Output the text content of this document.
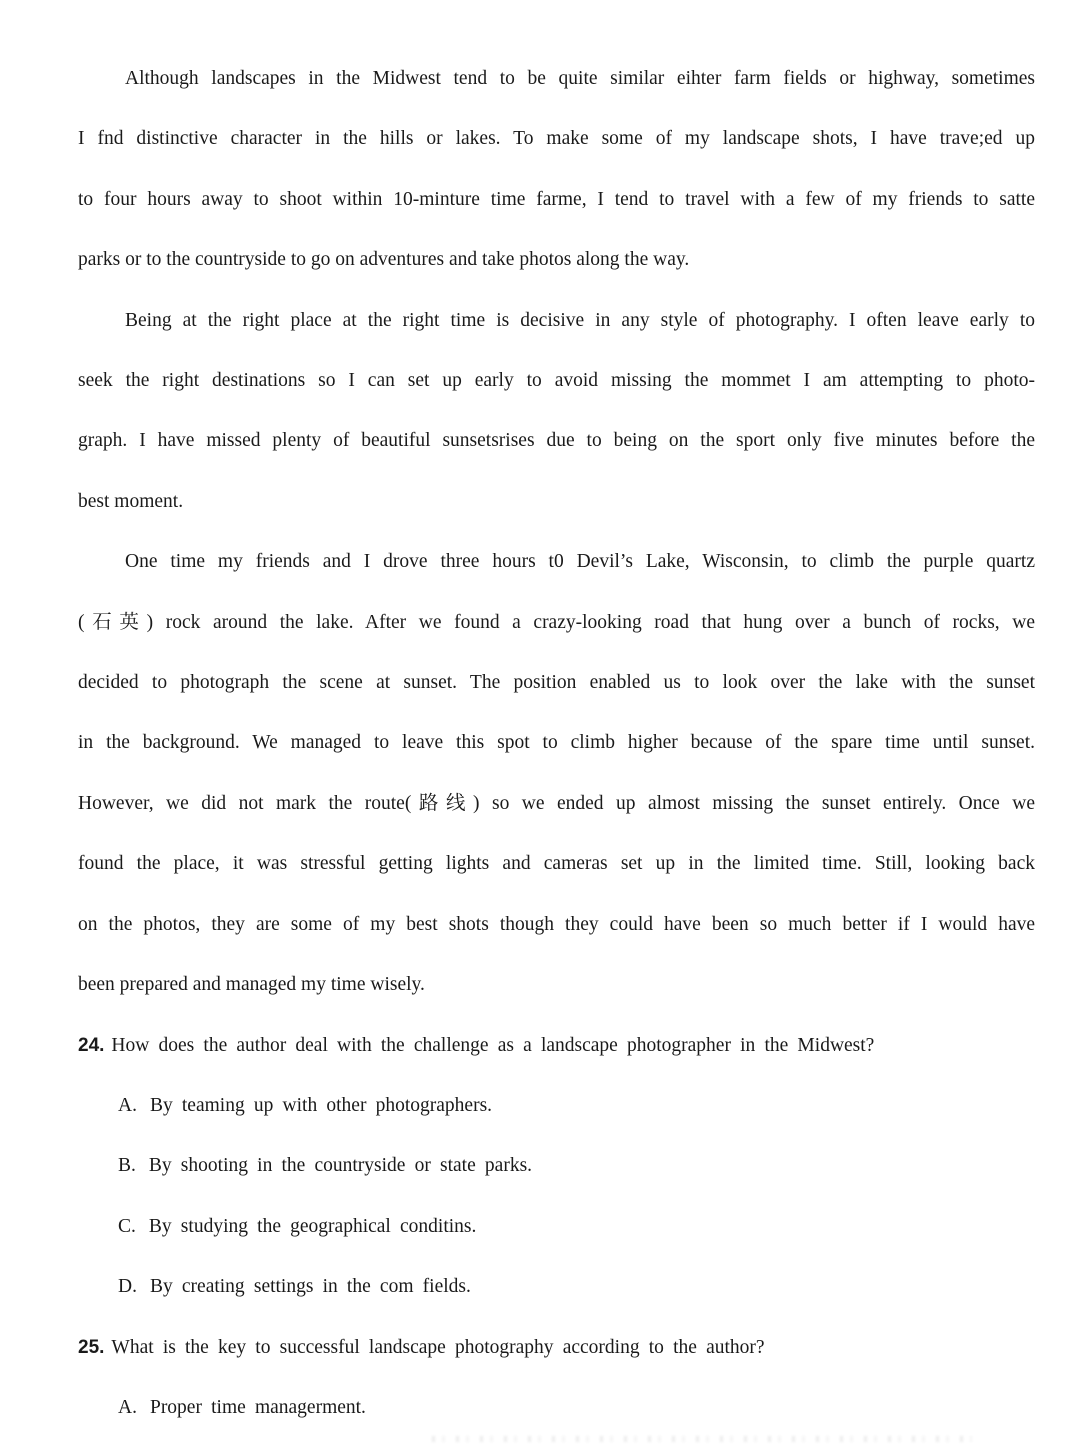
Although landscapes in the Midwest tend to be quite similar eihter farm fields or highway, sometimes
I fnd distinctive character in the hills or lakes. To make some of my landscape shots, I have trave;ed up
to four hours away to shoot within 10-minture time farme, I tend to travel with a few of my friends to satte
parks or to the countryside to go on adventures and take photos along the way.
Being at the right place at the right time is decisive in any style of photography. I often leave early to
seek the right destinations so I can set up early to avoid missing the mommet I am attempting to photo-
graph. I have missed plenty of beautiful sunsetsrises due to being on the sport only five minutes before the
best moment.
One time my friends and I drove three hours t0 Devil’s Lake, Wisconsin, to climb the purple quartz
(石英) rock around the lake. After we found a crazy-looking road that hung over a bunch of rocks, we
decided to photograph the scene at sunset. The position enabled us to look over the lake with the sunset
in the background. We managed to leave this spot to climb higher because of the spare time until sunset.
However, we did not mark the route(路线) so we ended up almost missing the sunset entirely. Once we
found the place, it was stressful getting lights and cameras set up in the limited time. Still, looking back
on the photos, they are some of my best shots though they could have been so much better if I would have
been prepared and managed my time wisely.
24. How does the author deal with the challenge as a landscape photographer in the Midwest?
A. By teaming up with other photographers.
B. By shooting in the countryside or state parks.
C. By studying the geographical conditins.
D. By creating settings in the com fields.
25. What is the key to successful landscape photography according to the author?
A. Proper time managerment.
